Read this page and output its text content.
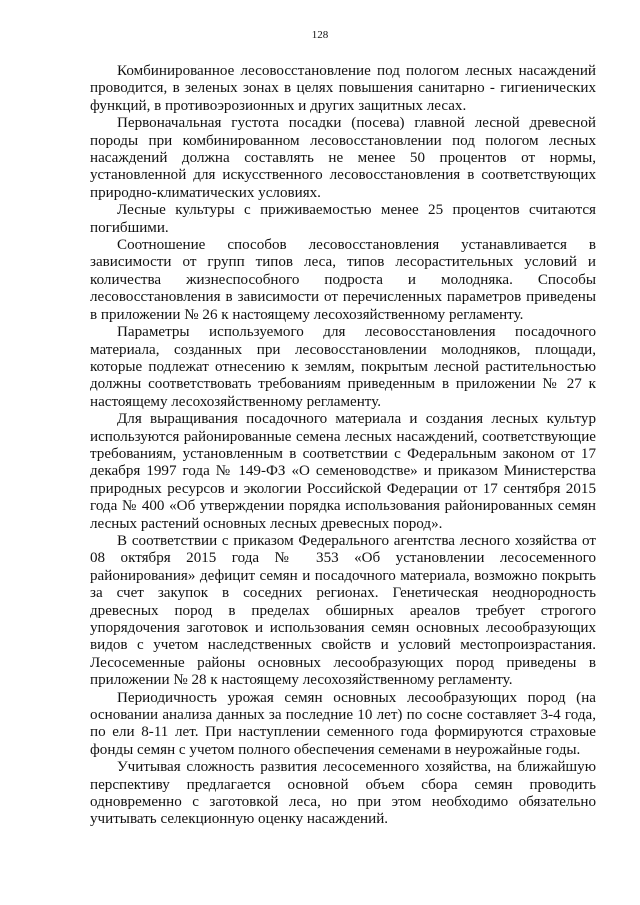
128

Комбинированное лесовосстановление под пологом лесных насаждений проводится, в зеленых зонах в целях повышения санитарно - гигиенических функций, в противоэрозионных и других защитных лесах.

Первоначальная густота посадки (посева) главной лесной древесной породы при комбинированном лесовосстановлении под пологом лесных насаждений должна составлять не менее 50 процентов от нормы, установленной для искусственного лесовосстановления в соответствующих природно-климатических условиях.

Лесные культуры с приживаемостью менее 25 процентов считаются погибшими.

Соотношение способов лесовосстановления устанавливается в зависимости от групп типов леса, типов лесорастительных условий и количества жизнеспособного подроста и молодняка. Способы лесовосстановления в зависимости от перечисленных параметров приведены в приложении № 26 к настоящему лесохозяйственному регламенту.

Параметры используемого для лесовосстановления посадочного материала, созданных при лесовосстановлении молодняков, площади, которые подлежат отнесению к землям, покрытым лесной растительностью должны соответствовать требованиям приведенным в приложении № 27 к настоящему лесохозяйственному регламенту.

Для выращивания посадочного материала и создания лесных культур используются районированные семена лесных насаждений, соответствующие требованиям, установленным в соответствии с Федеральным законом от 17 декабря 1997 года № 149-ФЗ «О семеноводстве» и приказом Министерства природных ресурсов и экологии Российской Федерации от 17 сентября 2015 года № 400 «Об утверждении порядка использования районированных семян лесных растений основных лесных древесных пород».

В соответствии с приказом Федерального агентства лесного хозяйства от 08 октября 2015 года № 353 «Об установлении лесосеменного районирования» дефицит семян и посадочного материала, возможно покрыть за счет закупок в соседних регионах. Генетическая неоднородность древесных пород в пределах обширных ареалов требует строгого упорядочения заготовок и использования семян основных лесообразующих видов с учетом наследственных свойств и условий местопроизрастания. Лесосеменные районы основных лесообразующих пород приведены в приложении № 28 к настоящему лесохозяйственному регламенту.

Периодичность урожая семян основных лесообразующих пород (на основании анализа данных за последние 10 лет) по сосне составляет 3-4 года, по ели 8-11 лет. При наступлении семенного года формируются страховые фонды семян с учетом полного обеспечения семенами в неурожайные годы.

Учитывая сложность развития лесосеменного хозяйства, на ближайшую перспективу предлагается основной объем сбора семян проводить одновременно с заготовкой леса, но при этом необходимо обязательно учитывать селекционную оценку насаждений.
